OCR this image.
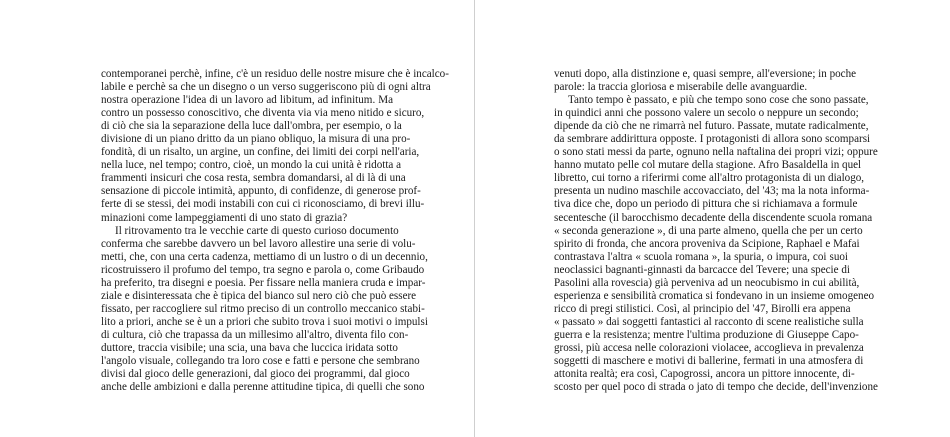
contemporanei perchè, infine, c'è un residuo delle nostre misure che è incalco-
labile e perchè sa che un disegno o un verso suggeriscono più di ogni altra
nostra operazione l'idea di un lavoro ad libitum, ad infinitum. Ma
contro un possesso conoscitivo, che diventa via via meno nitido e sicuro,
di ciò che sia la separazione della luce dall'ombra, per esempio, o la
divisione di un piano dritto da un piano obliquo, la misura di una pro-
fondità, di un risalto, un argine, un confine, dei limiti dei corpi nell'aria,
nella luce, nel tempo; contro, cioè, un mondo la cui unità è ridotta a
frammenti insicuri che cosa resta, sembra domandarsi, al di là di una
sensazione di piccole intimità, appunto, di confidenze, di generose prof-
ferte di se stessi, dei modi instabili con cui ci riconosciamo, di brevi illu-
minazioni come lampeggiamenti di uno stato di grazia?
Il ritrovamento tra le vecchie carte di questo curioso documento
conferma che sarebbe davvero un bel lavoro allestire una serie di volu-
metti, che, con una certa cadenza, mettiamo di un lustro o di un decennio,
ricostruissero il profumo del tempo, tra segno e parola o, come Gribaudo
ha preferito, tra disegni e poesia. Per fissare nella maniera cruda e impar-
ziale e disinteressata che è tipica del bianco sul nero ciò che può essere
fissato, per raccogliere sul ritmo preciso di un controllo meccanico stabi-
lito a priori, anche se è un a priori che subito trova i suoi motivi o impulsi
di cultura, ciò che trapassa da un millesimo all'altro, diventa filo con-
duttore, traccia visibile; una scia, una bava che luccica iridata sotto
l'angolo visuale, collegando tra loro cose e fatti e persone che sembrano
divisi dal gioco delle generazioni, dal gioco dei programmi, dal gioco
anche delle ambizioni e dalla perenne attitudine tipica, di quelli che sono
venuti dopo, alla distinzione e, quasi sempre, all'eversione; in poche
parole: la traccia gloriosa e miserabile delle avanguardie.
Tanto tempo è passato, e più che tempo sono cose che sono passate,
in quindici anni che possono valere un secolo o neppure un secondo;
dipende da ciò che ne rimarrà nel futuro. Passate, mutate radicalmente,
da sembrare addirittura opposte. I protagonisti di allora sono scomparsi
o sono stati messi da parte, ognuno nella naftalina dei propri vizi; oppure
hanno mutato pelle col mutare della stagione. Afro Basaldella in quel
libretto, cui torno a riferirmi come all'altro protagonista di un dialogo,
presenta un nudino maschile accovacciato, del '43; ma la nota informa-
tiva dice che, dopo un periodo di pittura che si richiamava a formule
secentesche (il barocchismo decadente della discendente scuola romana
« seconda generazione », di una parte almeno, quella che per un certo
spirito di fronda, che ancora proveniva da Scipione, Raphael e Mafai
contrastava l'altra « scuola romana », la spuria, o impura, coi suoi
neoclassici bagnanti-ginnasti da barcacce del Tevere; una specie di
Pasolini alla rovescia) già perveniva ad un neocubismo in cui abilità,
esperienza e sensibilità cromatica si fondevano in un insieme omogeneo
ricco di pregi stilistici. Così, al principio del '47, Birolli era appena
« passato » dai soggetti fantastici al racconto di scene realistiche sulla
guerra e la resistenza; mentre l'ultima produzione di Giuseppe Capo-
grossi, più accesa nelle colorazioni violacee, accoglieva in prevalenza
soggetti di maschere e motivi di ballerine, fermati in una atmosfera di
attonita realtà; era così, Capogrossi, ancora un pittore innocente, di-
scosto per quel poco di strada o jato di tempo che decide, dell'invenzione
